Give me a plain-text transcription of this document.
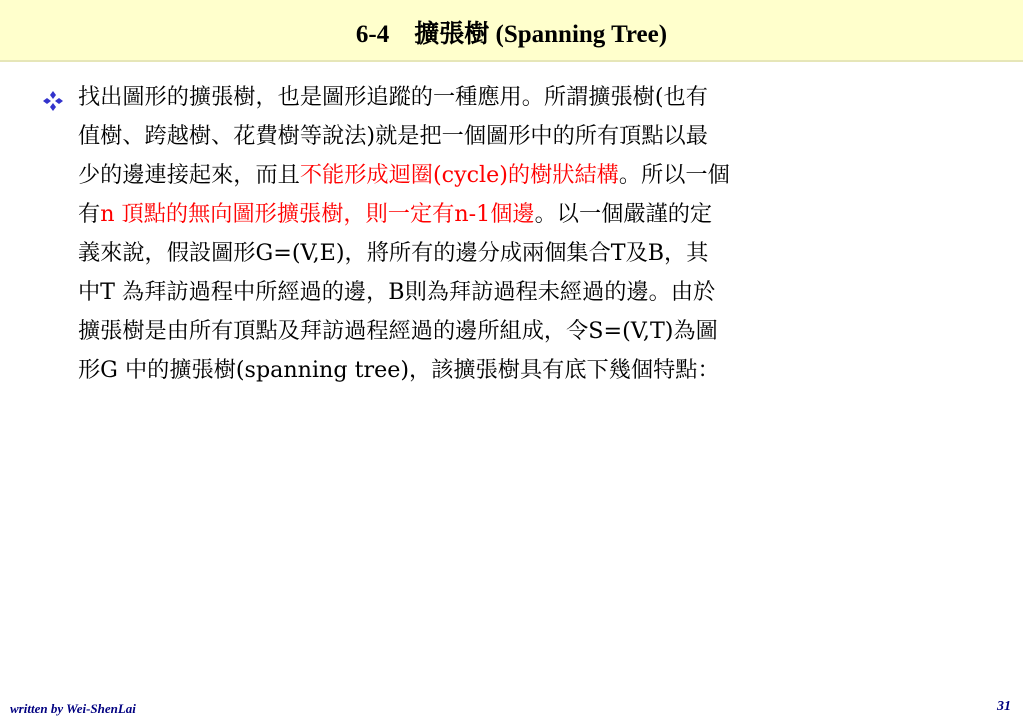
6-4　擴張樹 (Spanning Tree)
找出圖形的擴張樹，也是圖形追蹤的一種應用。所謂擴張樹(也有
值樹、跨越樹、花費樹等說法)就是把一個圖形中的所有頂點以最
少的邊連接起來，而且不能形成迴圈(cycle)的樹狀結構。所以一個
有n 頂點的無向圖形擴張樹，則一定有n-1個邊。以一個嚴謹的定
義來說，假設圖形G=(V,E)，將所有的邊分成兩個集合T及B，其
中T 為拜訪過程中所經過的邊，B則為拜訪過程未經過的邊。由於
擴張樹是由所有頂點及拜訪過程經過的邊所組成，令S=(V,T)為圖
形G 中的擴張樹(spanning tree)，該擴張樹具有底下幾個特點：
written by Wei-ShenLai	31
